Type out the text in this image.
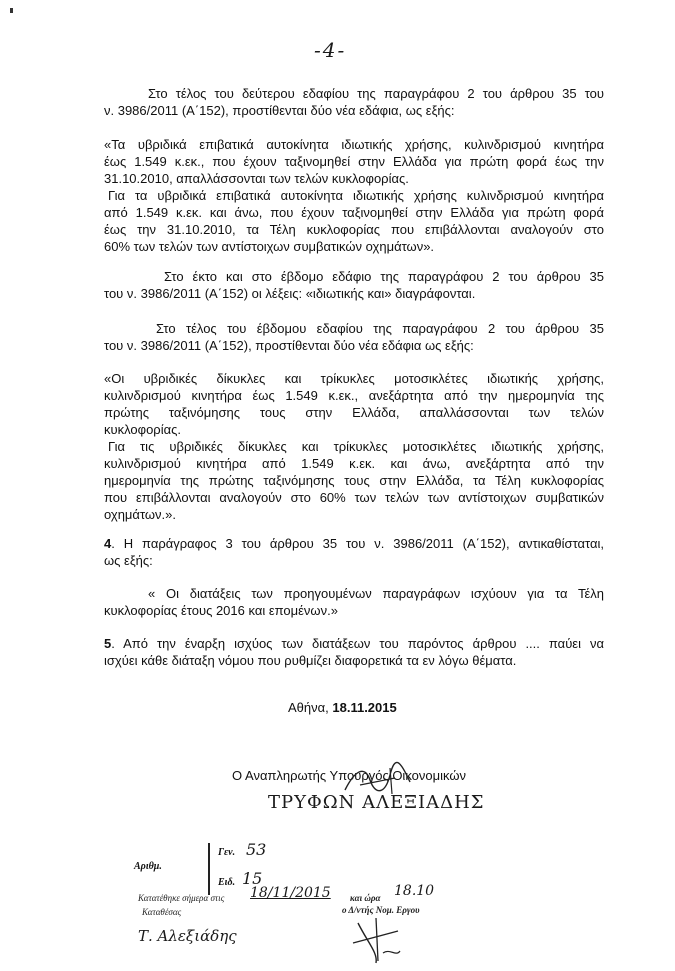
-4-
Στο τέλος του δεύτερου εδαφίου της παραγράφου 2 του άρθρου 35 του
ν. 3986/2011 (Α΄152), προστίθενται δύο νέα εδάφια, ως εξής:
«Τα υβριδικά επιβατικά αυτοκίνητα ιδιωτικής χρήσης, κυλινδρισμού κινητήρα
έως 1.549 κ.εκ., που έχουν ταξινομηθεί στην Ελλάδα για πρώτη φορά έως την
31.10.2010, απαλλάσσονται των τελών κυκλοφορίας.
Για τα υβριδικά επιβατικά αυτοκίνητα ιδιωτικής χρήσης κυλινδρισμού κινητήρα
από 1.549 κ.εκ. και άνω, που έχουν ταξινομηθεί στην Ελλάδα για πρώτη φορά
έως την 31.10.2010, τα Τέλη κυκλοφορίας που επιβάλλονται αναλογούν στο
60% των τελών των αντίστοιχων συμβατικών οχημάτων».
Στο έκτο και στο έβδομο εδάφιο της παραγράφου 2 του άρθρου 35
του ν. 3986/2011 (Α΄152) οι λέξεις: «ιδιωτικής και» διαγράφονται.
Στο τέλος του έβδομου εδαφίου της παραγράφου 2 του άρθρου 35
του ν. 3986/2011 (Α΄152), προστίθενται δύο νέα εδάφια ως εξής:
«Οι υβριδικές δίκυκλες και τρίκυκλες μοτοσικλέτες ιδιωτικής χρήσης,
κυλινδρισμού κινητήρα έως 1.549 κ.εκ., ανεξάρτητα από την ημερομηνία της
πρώτης ταξινόμησης τους στην Ελλάδα, απαλλάσσονται των τελών
κυκλοφορίας.
Για τις υβριδικές δίκυκλες και τρίκυκλες μοτοσικλέτες ιδιωτικής χρήσης,
κυλινδρισμού κινητήρα από 1.549 κ.εκ. και άνω, ανεξάρτητα από την
ημερομηνία της πρώτης ταξινόμησης τους στην Ελλάδα, τα Τέλη κυκλοφορίας
που επιβάλλονται αναλογούν στο 60% των τελών των αντίστοιχων συμβατικών
οχημάτων.».
4. Η παράγραφος 3 του άρθρου 35 του ν. 3986/2011 (Α΄152), αντικαθίσταται,
ως εξής:
« Οι διατάξεις των προηγουμένων παραγράφων ισχύουν για τα Τέλη
κυκλοφορίας έτους 2016 και επομένων.»
5. Από την έναρξη ισχύος των διατάξεων του παρόντος άρθρου .... παύει να
ισχύει κάθε διάταξη νόμου που ρυθμίζει διαφορετικά τα εν λόγω θέματα.
Αθήνα, 18.11.2015
Ο Αναπληρωτής Υπουργός Οικονομικών
ΤΡΥΦΩΝ ΑΛΕΞΙΑΔΗΣ
Αριθμ.
Γεν. 53
Ειδ. 15
Κατατέθηκε σήμερα στις 18/11/2015 και ώρα 18.10
Καταθέσας	ο Δ/ντής Νομ. Εργου
Τ. Αλεξιάδης
